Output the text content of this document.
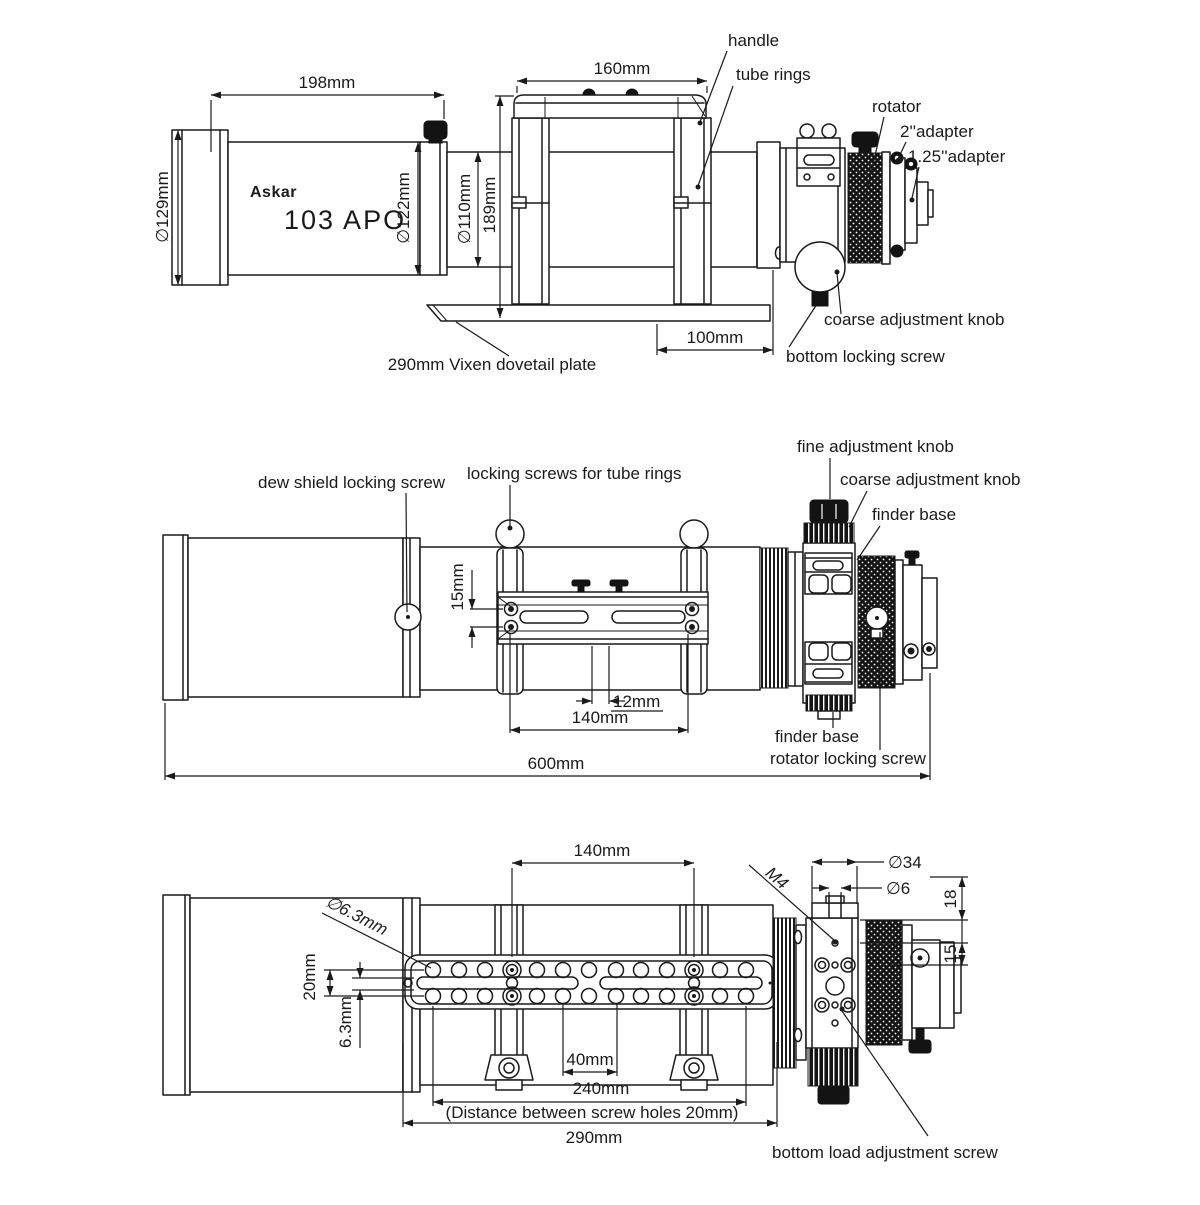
Askar
103 APO
198mm
160mm
∅129mm	∅122mm ∅110mm 189mm
100mm
handle
tube rings
rotator
2''adapter
1.25''adapter
coarse adjustment knob
bottom locking screw
290mm Vixen dovetail plate
15mm
12mm
140mm
600mm
fine adjustment knob
coarse adjustment knob
finder base
dew shield locking screw locking screws for tube rings
finder base
rotator locking screw
140mm
M4
∅34
∅6
18
15
∅6.3mm
20mm
6.3mm
40mm
240mm
(Distance between screw holes 20mm)
290mm
bottom load adjustment screw
